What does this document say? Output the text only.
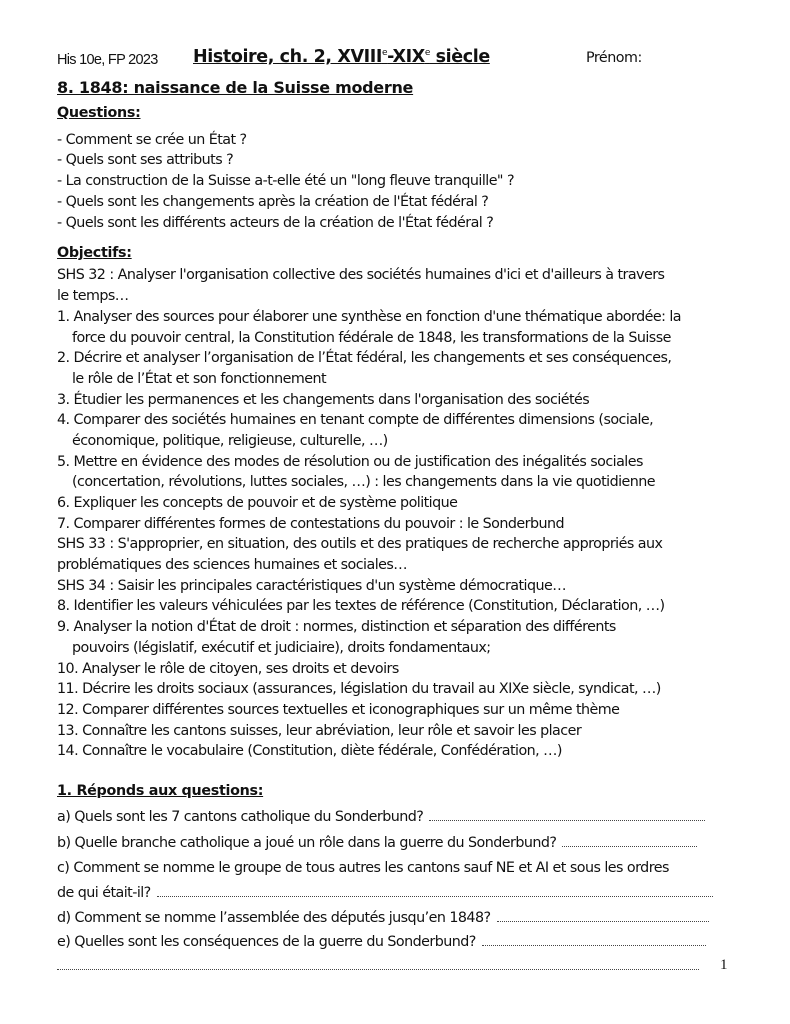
His 10e, FP 2023 Histoire, ch. 2, XVIIIe-XIXe siècle	Prénom:
8. 1848: naissance de la Suisse moderne
Questions:
- Comment se crée un État ?
- Quels sont ses attributs ?
- La construction de la Suisse a-t-elle été un "long fleuve tranquille" ?
- Quels sont les changements après la création de l'État fédéral ?
- Quels sont les différents acteurs de la création de l'État fédéral ?
Objectifs:
SHS 32 : Analyser l'organisation collective des sociétés humaines d'ici et d'ailleurs à travers
le temps…
1. Analyser des sources pour élaborer une synthèse en fonction d'une thématique abordée: la
force du pouvoir central, la Constitution fédérale de 1848, les transformations de la Suisse
2. Décrire et analyser l’organisation de l’État fédéral, les changements et ses conséquences,
le rôle de l’État et son fonctionnement
3. Étudier les permanences et les changements dans l'organisation des sociétés
4. Comparer des sociétés humaines en tenant compte de différentes dimensions (sociale,
économique, politique, religieuse, culturelle, …)
5. Mettre en évidence des modes de résolution ou de justification des inégalités sociales
(concertation, révolutions, luttes sociales, …) : les changements dans la vie quotidienne
6. Expliquer les concepts de pouvoir et de système politique
7. Comparer différentes formes de contestations du pouvoir : le Sonderbund
SHS 33 : S'approprier, en situation, des outils et des pratiques de recherche appropriés aux
problématiques des sciences humaines et sociales…
SHS 34 : Saisir les principales caractéristiques d'un système démocratique…
8. Identifier les valeurs véhiculées par les textes de référence (Constitution, Déclaration, …)
9. Analyser la notion d'État de droit : normes, distinction et séparation des différents
pouvoirs (législatif, exécutif et judiciaire), droits fondamentaux;
10. Analyser le rôle de citoyen, ses droits et devoirs
11. Décrire les droits sociaux (assurances, législation du travail au XIXe siècle, syndicat, …)
12. Comparer différentes sources textuelles et iconographiques sur un même thème
13. Connaître les cantons suisses, leur abréviation, leur rôle et savoir les placer
14. Connaître le vocabulaire (Constitution, diète fédérale, Confédération, …)
1. Réponds aux questions:
a) Quels sont les 7 cantons catholique du Sonderbund?
b) Quelle branche catholique a joué un rôle dans la guerre du Sonderbund?
c) Comment se nomme le groupe de tous autres les cantons sauf NE et AI et sous les ordres
de qui était-il?
d) Comment se nomme l’assemblée des députés jusqu’en 1848?
e) Quelles sont les conséquences de la guerre du Sonderbund?
1
